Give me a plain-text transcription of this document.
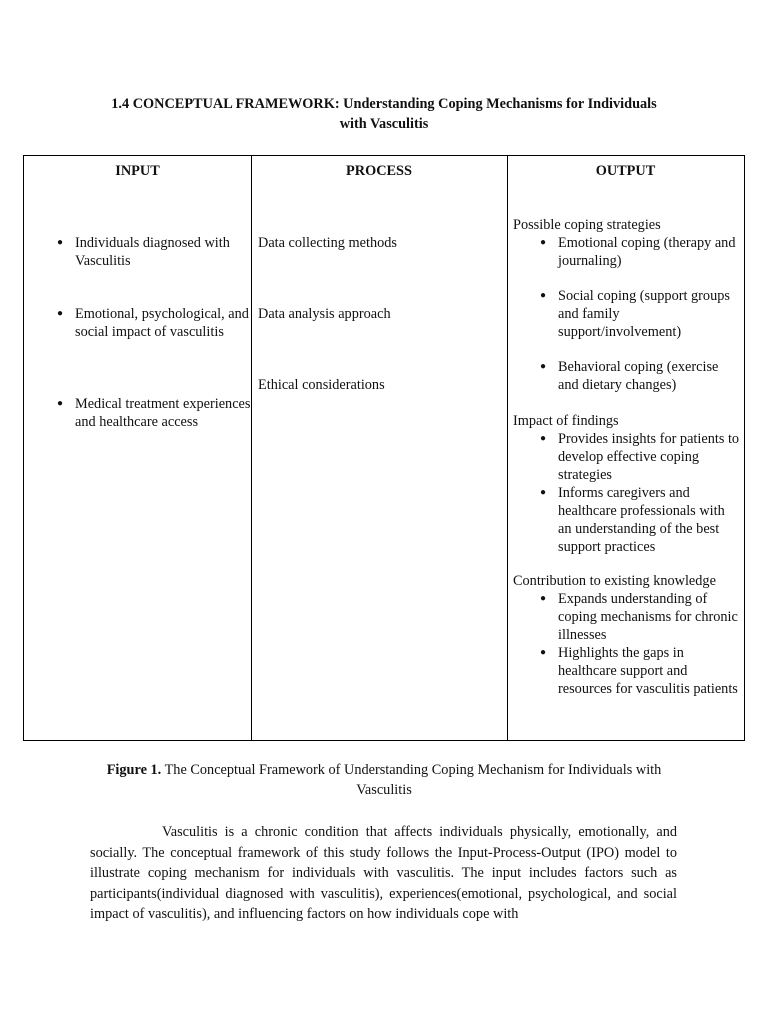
1.4 CONCEPTUAL FRAMEWORK: Understanding Coping Mechanisms for Individuals
with Vasculitis
INPUT
● Individuals diagnosed with Vasculitis
● Emotional, psychological, and social impact of vasculitis
● Medical treatment experiences and healthcare access
PROCESS
Data collecting methods
Data analysis approach
Ethical considerations
OUTPUT
Possible coping strategies
● Emotional coping (therapy and journaling)
● Social coping (support groups and family support/involvement)
● Behavioral coping (exercise and dietary changes)
Impact of findings
● Provides insights for patients to develop effective coping strategies
● Informs caregivers and healthcare professionals with an understanding of the best support practices
Contribution to existing knowledge
● Expands understanding of coping mechanisms for chronic illnesses
● Highlights the gaps in healthcare support and resources for vasculitis patients
Figure 1. The Conceptual Framework of Understanding Coping Mechanism for Individuals with Vasculitis

Vasculitis is a chronic condition that affects individuals physically, emotionally, and socially. The conceptual framework of this study follows the Input-Process-Output (IPO) model to illustrate coping mechanism for individuals with vasculitis. The input includes factors such as participants(individual diagnosed with vasculitis), experiences(emotional, psychological, and social impact of vasculitis), and influencing factors on how individuals cope with
